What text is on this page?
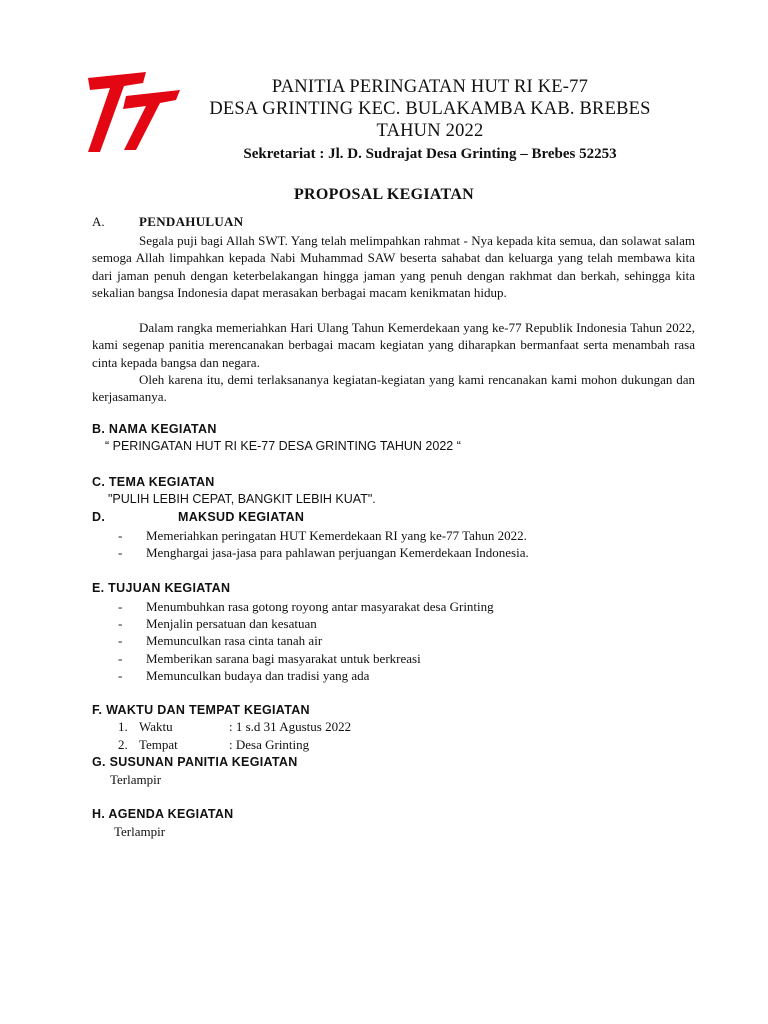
PANITIA PERINGATAN HUT RI KE-77
DESA GRINTING KEC. BULAKAMBA KAB. BREBES
TAHUN 2022
Sekretariat : Jl. D. Sudrajat Desa Grinting – Brebes 52253
PROPOSAL KEGIATAN
A.	PENDAHULUAN
Segala puji bagi Allah SWT. Yang telah melimpahkan rahmat - Nya kepada kita semua, dan solawat salam semoga Allah limpahkan kepada Nabi Muhammad SAW beserta sahabat dan keluarga yang telah membawa kita dari jaman penuh dengan keterbelakangan hingga jaman yang penuh dengan rakhmat dan berkah, sehingga kita sekalian bangsa Indonesia dapat merasakan berbagai macam kenikmatan hidup.
Dalam rangka memeriahkan Hari Ulang Tahun Kemerdekaan yang ke-77 Republik Indonesia Tahun 2022, kami segenap panitia merencanakan berbagai macam kegiatan yang diharapkan bermanfaat serta menambah rasa cinta kepada bangsa dan negara.
Oleh karena itu, demi terlaksananya kegiatan-kegiatan yang kami rencanakan kami mohon dukungan dan kerjasamanya.
B. NAMA KEGIATAN
“ PERINGATAN HUT RI KE-77 DESA GRINTING TAHUN 2022 “
C. TEMA KEGIATAN
"PULIH LEBIH CEPAT, BANGKIT LEBIH KUAT".
D.	MAKSUD KEGIATAN
- Memeriahkan peringatan HUT Kemerdekaan RI yang ke-77 Tahun 2022.
- Menghargai jasa-jasa para pahlawan perjuangan Kemerdekaan Indonesia.
E. TUJUAN KEGIATAN
- Menumbuhkan rasa gotong royong antar masyarakat desa Grinting
- Menjalin persatuan dan kesatuan
- Memunculkan rasa cinta tanah air
- Memberikan sarana bagi masyarakat untuk berkreasi
- Memunculkan budaya dan tradisi yang ada
F. WAKTU DAN TEMPAT KEGIATAN
1. Waktu	: 1 s.d 31 Agustus 2022
2. Tempat	: Desa Grinting
G. SUSUNAN PANITIA KEGIATAN
Terlampir
H. AGENDA KEGIATAN
Terlampir
